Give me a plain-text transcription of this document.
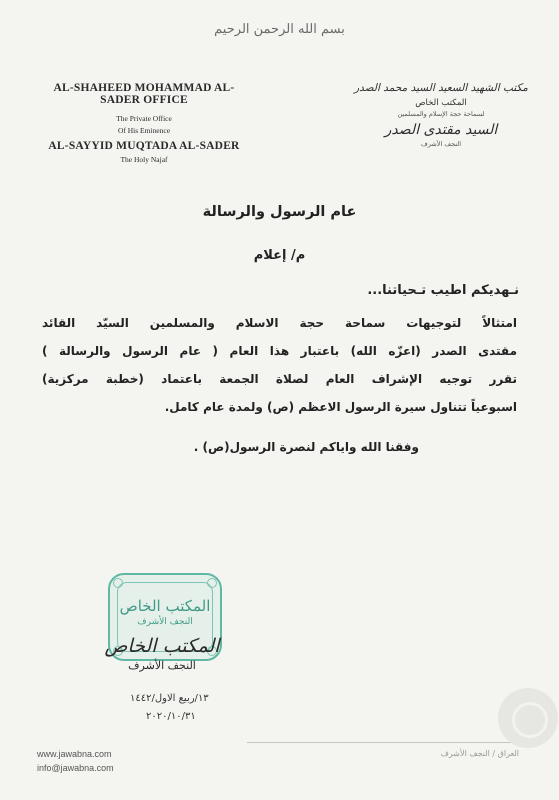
بسم الله الرحمن الرحيم
AL-SHAHEED MOHAMMAD AL-SADER OFFICE
The Private Office
Of His Eminence
AL-SAYYID MUQTADA AL-SADER
The Holy Najaf
مكتب الشهيد السعيد السيد محمد الصدر
المكتب الخاص
لسماحة حجة الإسلام والمسلمين
السيد مقتدى الصدر
النجف الأشرف
عام الرسول والرسالة
م/ إعلام
نـهديكم اطيب تـحياتنا...
امتثالاً لتوجيهات سماحة حجة الاسلام والمسلمين السيّد القائد
مقتدى الصدر (اعزّه الله) باعتبار هذا العام ( عام الرسول والرسالة )
تقرر توجيه الإشراف العام لصلاة الجمعة باعتماد (خطبة مركزية)
اسبوعياً تتناول سيرة الرسول الاعظم (ص) ولمدة عام كامل.
وفقنا الله واياكم لنصرة الرسول(ص) .
المكتب الخاص
النجف الأشرف
المكتب الخاص
النجف الأشرف
١٣/ربيع الاول/١٤٤٢
٢٠٢٠/١٠/٣١
www.jawabna.com
info@jawabna.com
العراق / النجف الأشرف
